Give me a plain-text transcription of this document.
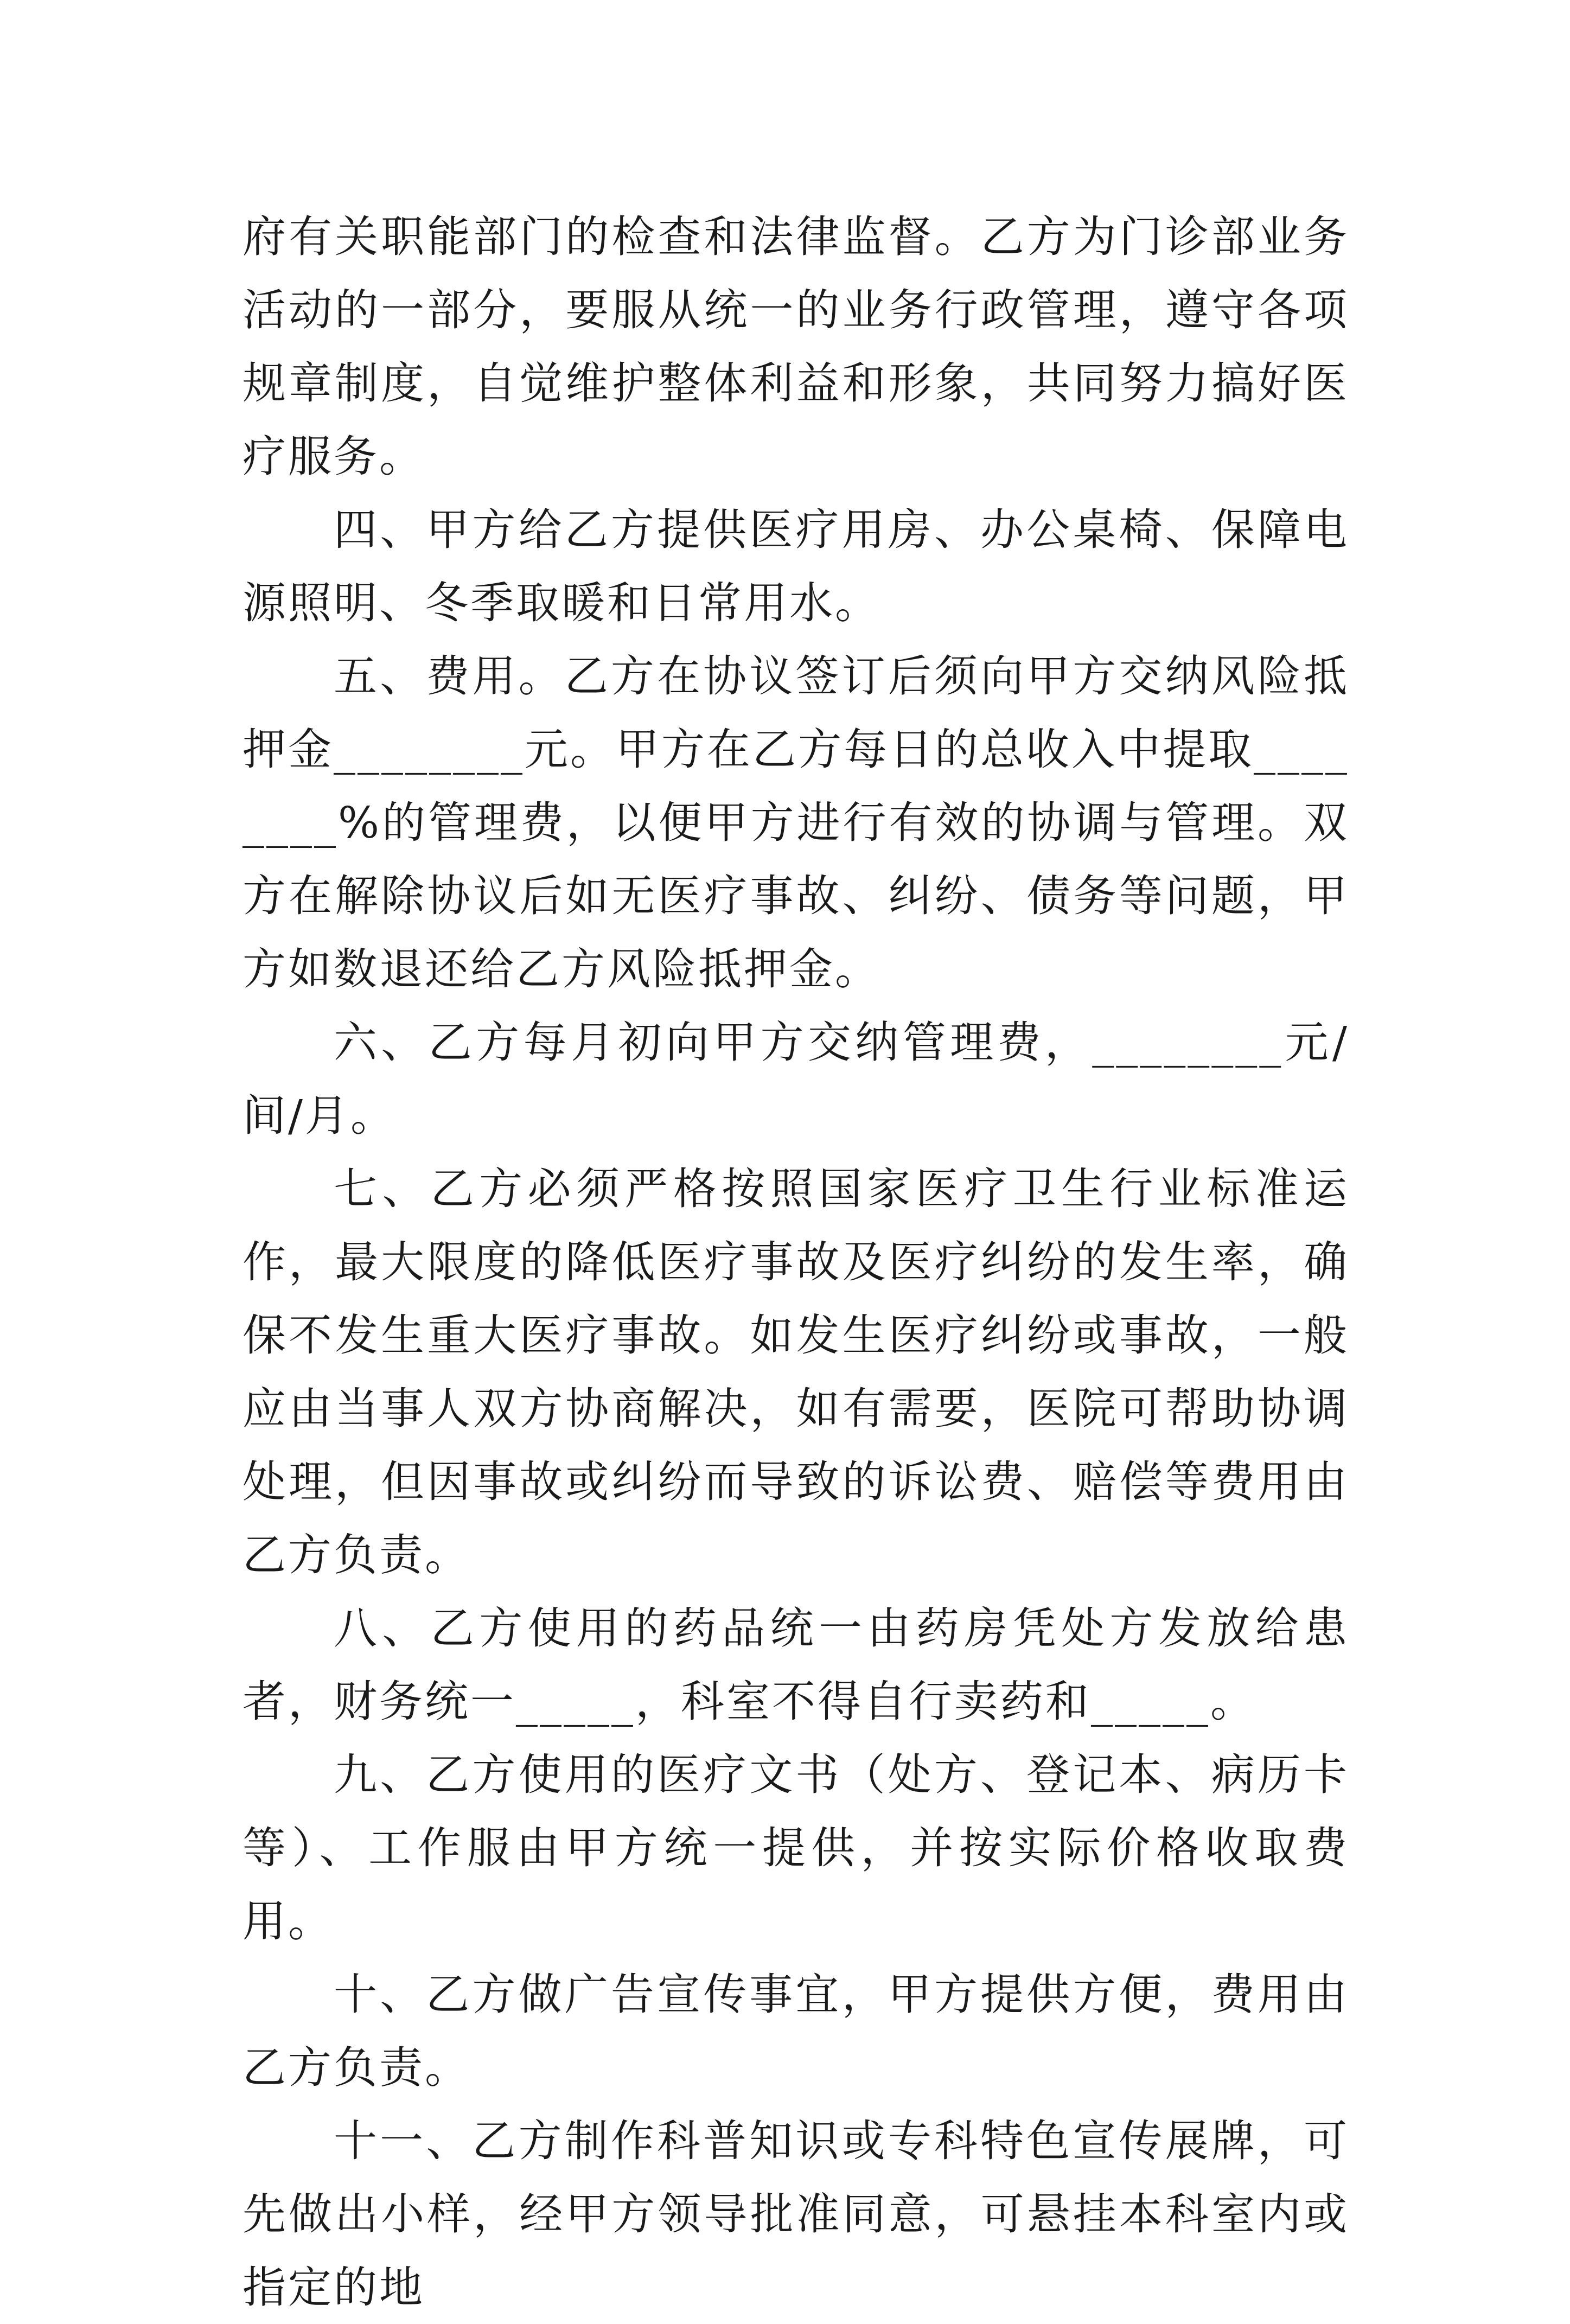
府有关职能部门的检查和法律监督。乙方为门诊部业务活动的一部分，要服从统一的业务行政管理，遵守各项规章制度，自觉维护整体利益和形象，共同努力搞好医疗服务。

四、甲方给乙方提供医疗用房、办公桌椅、保障电源照明、冬季取暖和日常用水。

五、费用。乙方在协议签订后须向甲方交纳风险抵押金________元。甲方在乙方每日的总收入中提取________%的管理费，以便甲方进行有效的协调与管理。双方在解除协议后如无医疗事故、纠纷、债务等问题，甲方如数退还给乙方风险抵押金。

六、乙方每月初向甲方交纳管理费，________元/间/月。

七、乙方必须严格按照国家医疗卫生行业标准运作，最大限度的降低医疗事故及医疗纠纷的发生率，确保不发生重大医疗事故。如发生医疗纠纷或事故，一般应由当事人双方协商解决，如有需要，医院可帮助协调处理，但因事故或纠纷而导致的诉讼费、赔偿等费用由乙方负责。

八、乙方使用的药品统一由药房凭处方发放给患者，财务统一_____，科室不得自行卖药和_____。

九、乙方使用的医疗文书（处方、登记本、病历卡等）、工作服由甲方统一提供，并按实际价格收取费用。

十、乙方做广告宣传事宜，甲方提供方便，费用由乙方负责。

十一、乙方制作科普知识或专科特色宣传展牌，可先做出小样，经甲方领导批准同意，可悬挂本科室内或指定的地
